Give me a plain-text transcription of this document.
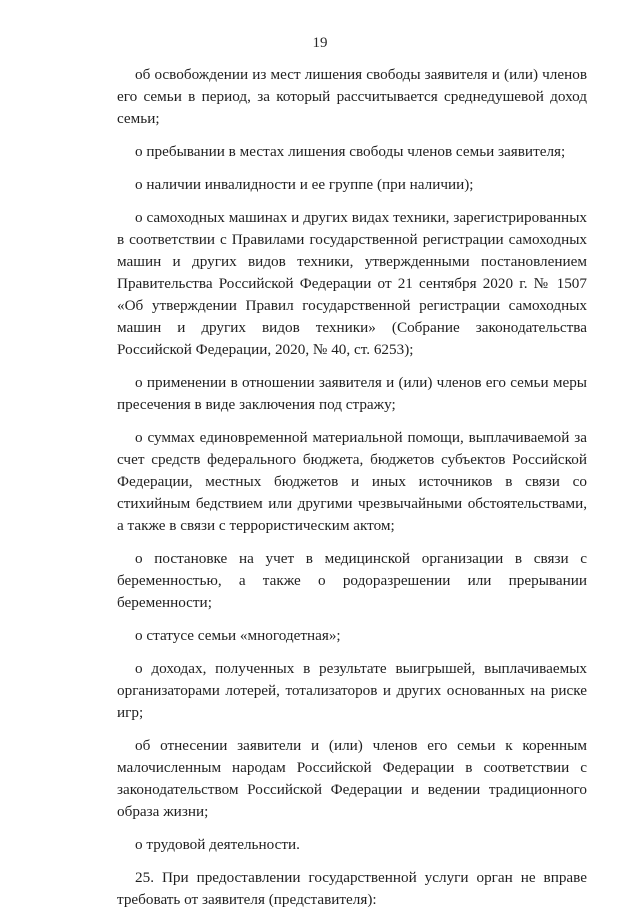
19

об освобождении из мест лишения свободы заявителя и (или) членов его семьи в период, за который рассчитывается среднедушевой доход семьи;

о пребывании в местах лишения свободы членов семьи заявителя;

о наличии инвалидности и ее группе (при наличии);

о самоходных машинах и других видах техники, зарегистрированных в соответствии с Правилами государственной регистрации самоходных машин и других видов техники, утвержденными постановлением Правительства Российской Федерации от 21 сентября 2020 г. № 1507 «Об утверждении Правил государственной регистрации самоходных машин и других видов техники» (Собрание законодательства Российской Федерации, 2020, № 40, ст. 6253);

о применении в отношении заявителя и (или) членов его семьи меры пресечения в виде заключения под стражу;

о суммах единовременной материальной помощи, выплачиваемой за счет средств федерального бюджета, бюджетов субъектов Российской Федерации, местных бюджетов и иных источников в связи со стихийным бедствием или другими чрезвычайными обстоятельствами, а также в связи с террористическим актом;

о постановке на учет в медицинской организации в связи с беременностью, а также о родоразрешении или прерывании беременности;

о статусе семьи «многодетная»;

о доходах, полученных в результате выигрышей, выплачиваемых организаторами лотерей, тотализаторов и других основанных на риске игр;

об отнесении заявители и (или) членов его семьи к коренным малочисленным народам Российской Федерации в соответствии с законодательством Российской Федерации и ведении традиционного образа жизни;

о трудовой деятельности.

25. При предоставлении государственной услуги орган не вправе требовать от заявителя (представителя):
